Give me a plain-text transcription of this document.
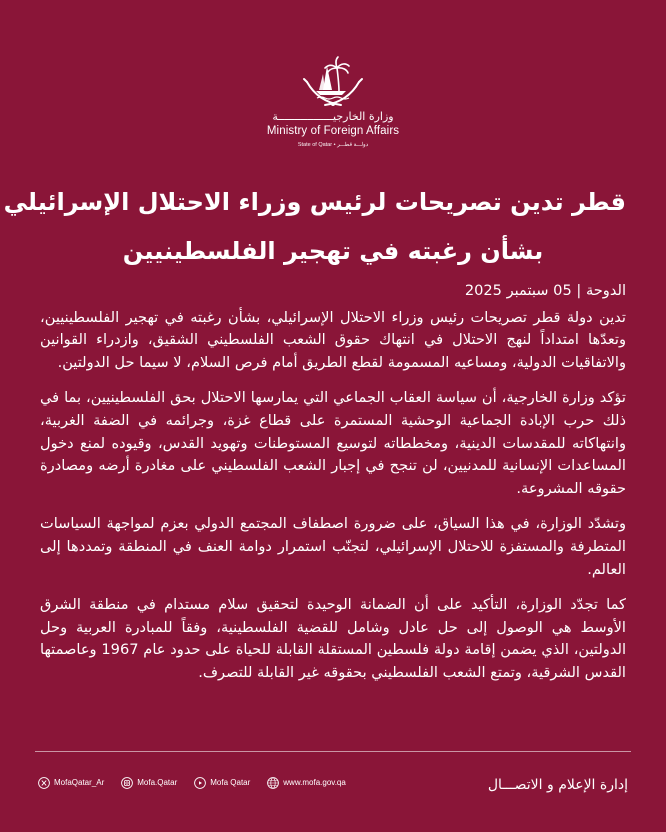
وزارة الخارجيـــــــــــــــــة
Ministry of Foreign Affairs
State of Qatar • دولـــة قطـــر
قطر تدين تصريحات لرئيس وزراء الاحتلال الإسرائيلي
بشأن رغبته في تهجير الفلسطينيين

الدوحة | 05 سبتمبر 2025

تدين دولة قطر تصريحات رئيس وزراء الاحتلال الإسرائيلي، بشأن رغبته في تهجير الفلسطينيين، وتعدّها امتداداً لنهج الاحتلال في انتهاك حقوق الشعب الفلسطيني الشقيق، وازدراء القوانين والاتفاقيات الدولية، ومساعيه المسمومة لقطع الطريق أمام فرص السلام، لا سيما حل الدولتين.

تؤكد وزارة الخارجية، أن سياسة العقاب الجماعي التي يمارسها الاحتلال بحق الفلسطينيين، بما في ذلك حرب الإبادة الجماعية الوحشية المستمرة على قطاع غزة، وجرائمه في الضفة الغربية، وانتهاكاته للمقدسات الدينية، ومخططاته لتوسيع المستوطنات وتهويد القدس، وقيوده لمنع دخول المساعدات الإنسانية للمدنيين، لن تنجح في إجبار الشعب الفلسطيني على مغادرة أرضه ومصادرة حقوقه المشروعة.

وتشدّد الوزارة، في هذا السياق، على ضرورة اصطفاف المجتمع الدولي بعزم لمواجهة السياسات المتطرفة والمستفزة للاحتلال الإسرائيلي، لتجنّب استمرار دوامة العنف في المنطقة وتمددها إلى العالم.

كما تجدّد الوزارة، التأكيد على أن الضمانة الوحيدة لتحقيق سلام مستدام في منطقة الشرق الأوسط هي الوصول إلى حل عادل وشامل للقضية الفلسطينية، وفقاً للمبادرة العربية وحل الدولتين، الذي يضمن إقامة دولة فلسطين المستقلة القابلة للحياة على حدود عام 1967 وعاصمتها القدس الشرقية، وتمتع الشعب الفلسطيني بحقوقه غير القابلة للتصرف.

MofaQatar_Ar	Mofa.Qatar	Mofa Qatar	www.mofa.gov.qa	إدارة الإعلام و الاتصـــال
